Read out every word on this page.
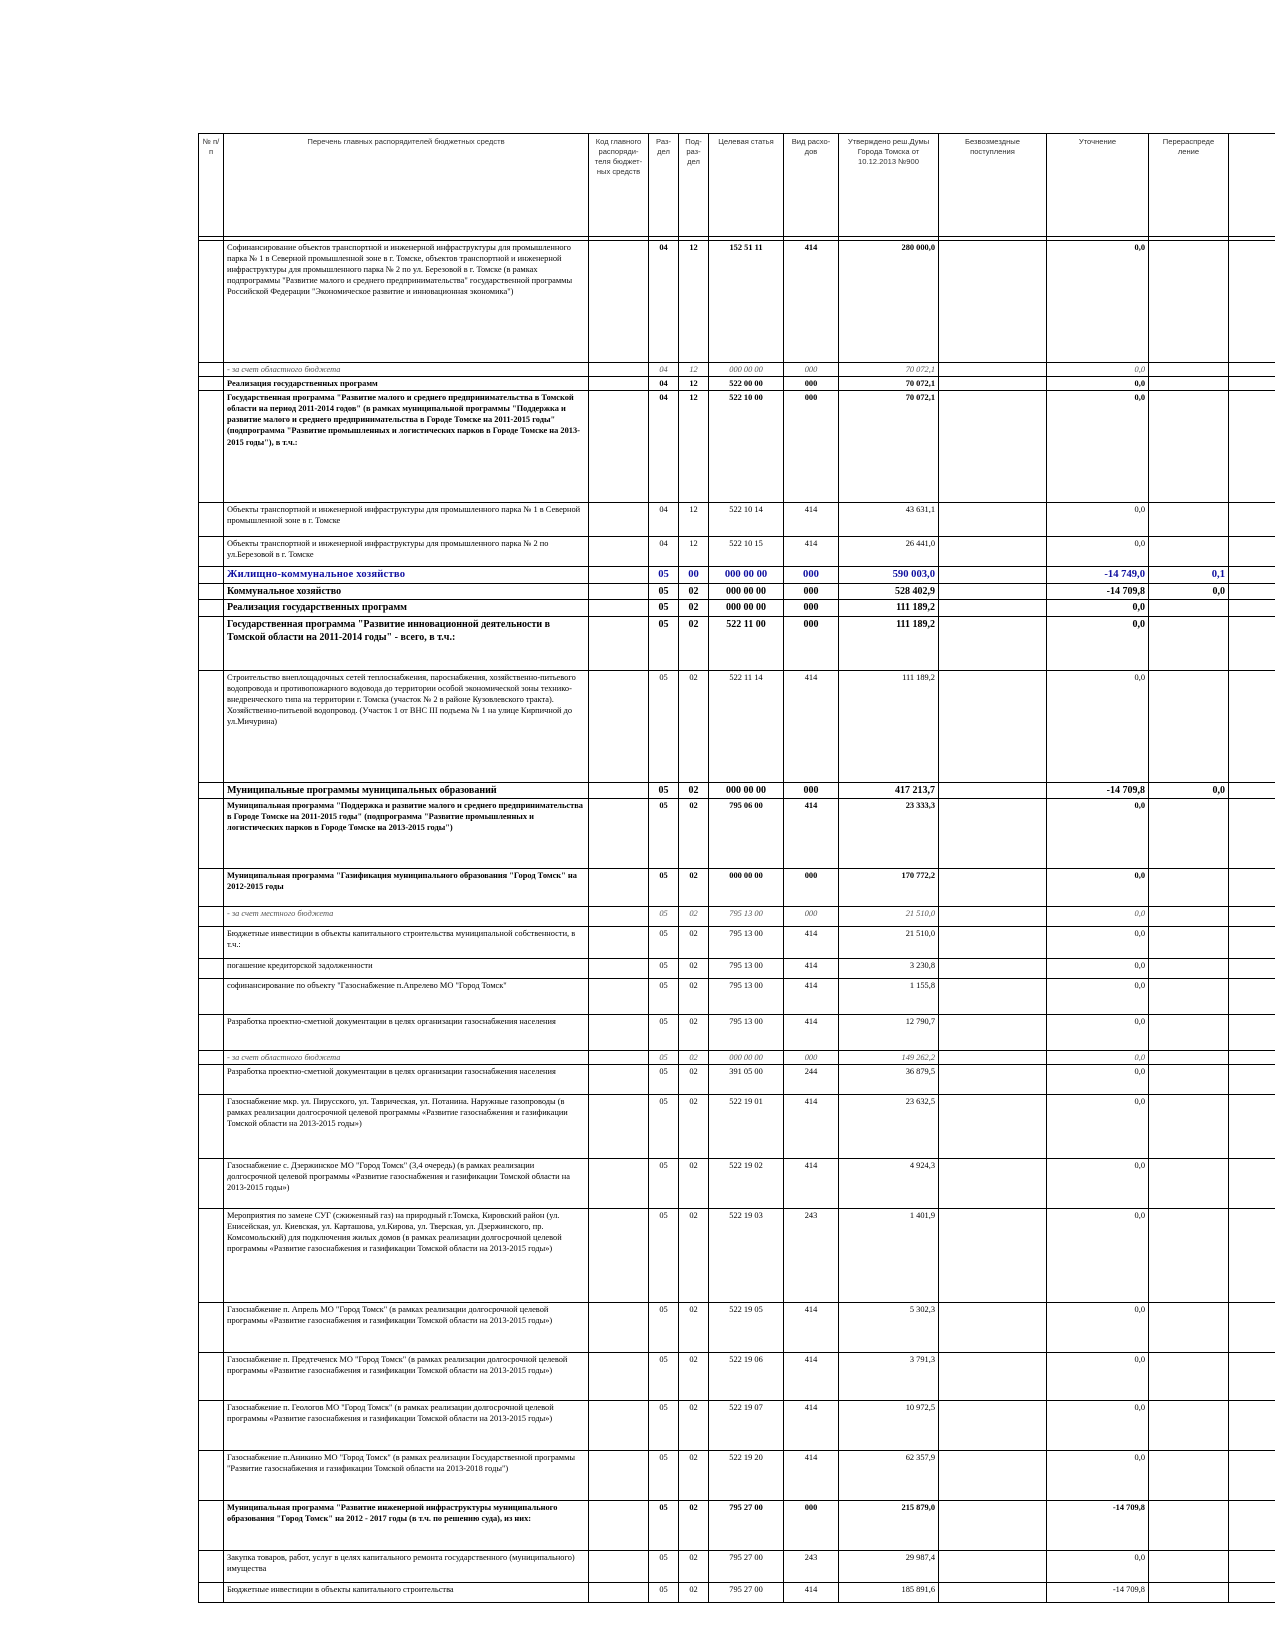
№ п/п	Перечень главных распорядителей бюджетных средств	Код главного распоряди-теля бюджет-ных средств	Раз-дел	Под-раз-дел	Целевая статья	Вид расхо-дов	Утверждено реш.Думы Города Томска от 10.12.2013 №900	Безвозмездные поступления	Уточнение	Перераспреде ление	

	Софинансирование объектов транспортной и инженерной инфраструктуры для промышленного парка № 1 в Северной промышленной зоне в г. Томске, объектов транспортной и инженерной инфраструктуры для промышленного парка № 2 по ул. Березовой в г. Томске (в рамках подпрограммы "Развитие малого и среднего предпринимательства" государственной программы Российской Федерации "Экономическое развитие и инновационная экономика")		04	12	152 51 11	414	280 000,0		0,0		
	- за счет областного бюджета		04	12	000 00 00	000	70 072,1		0,0		
	Реализация государственных программ		04	12	522 00 00	000	70 072,1		0,0		
	Государственная программа "Развитие малого и среднего предпринимательства в Томской области на период 2011-2014 годов" (в рамках муниципальной программы "Поддержка и развитие малого и среднего предпринимательства в Городе Томске на 2011-2015 годы" (подпрограмма "Развитие промышленных и логистических парков в Городе Томске на 2013-2015 годы"), в т.ч.:		04	12	522 10 00	000	70 072,1		0,0		
	Объекты транспортной и инженерной инфраструктуры для промышленного парка № 1 в Северной промышленной зоне в г. Томске		04	12	522 10 14	414	43 631,1		0,0		
	Объекты транспортной и инженерной инфраструктуры для промышленного парка № 2 по ул.Березовой в г. Томске		04	12	522 10 15	414	26 441,0		0,0		
	Жилищно-коммунальное хозяйство		05	00	000 00 00	000	590 003,0		-14 749,0	0,1	
	Коммунальное хозяйство		05	02	000 00 00	000	528 402,9		-14 709,8	0,0	
	Реализация государственных программ		05	02	000 00 00	000	111 189,2		0,0		
	Государственная программа "Развитие инновационной деятельности в Томской области на 2011-2014 годы" - всего, в т.ч.:		05	02	522 11 00	000	111 189,2		0,0		
	Строительство внеплощадочных сетей теплоснабжения, пароснабжения, хозяйственно-питьевого водопровода и противопожарного водовода до территории особой экономической зоны технико-внедренческого типа на территории г. Томска (участок № 2 в районе Кузовлевского тракта). Хозяйственно-питьевой водопровод. (Участок 1 от ВНС III подъема № 1 на улице Кирпичной до ул.Мичурина)		05	02	522 11 14	414	111 189,2		0,0		
	Муниципальные программы муниципальных образований		05	02	000 00 00	000	417 213,7		-14 709,8	0,0	
	Муниципальная программа "Поддержка и развитие малого и среднего предпринимательства в Городе Томске на 2011-2015 годы" (подпрограмма "Развитие промышленных и логистических парков в Городе Томске на 2013-2015 годы")		05	02	795 06 00	414	23 333,3		0,0		
	Муниципальная программа "Газификация муниципального образования "Город Томск" на 2012-2015 годы		05	02	000 00 00	000	170 772,2		0,0		
	- за счет местного бюджета		05	02	795 13 00	000	21 510,0		0,0		
	Бюджетные инвестиции в объекты капитального строительства муниципальной собственности, в т.ч.:		05	02	795 13 00	414	21 510,0		0,0		
	погашение кредиторской задолженности		05	02	795 13 00	414	3 230,8		0,0		
	софинансирование по объекту "Газоснабжение п.Апрелево МО "Город Томск"		05	02	795 13 00	414	1 155,8		0,0		
	Разработка проектно-сметной документации в целях организации газоснабжения населения		05	02	795 13 00	414	12 790,7		0,0		
	- за счет областного бюджета		05	02	000 00 00	000	149 262,2		0,0		
	Разработка проектно-сметной документации в целях организации газоснабжения населения		05	02	391 05 00	244	36 879,5		0,0		
	Газоснабжение мкр. ул. Пирусского, ул. Таврическая, ул. Потанина. Наружные газопроводы (в рамках реализации долгосрочной целевой программы «Развитие газоснабжения и газификации Томской области на 2013-2015 годы»)		05	02	522 19 01	414	23 632,5		0,0		
	Газоснабжение с. Дзержинское МО "Город Томск" (3,4 очередь) (в рамках реализации долгосрочной целевой программы «Развитие газоснабжения и газификации Томской области на 2013-2015 годы»)		05	02	522 19 02	414	4 924,3		0,0		
	Мероприятия по замене СУГ (сжиженный газ) на природный г.Томска, Кировский район (ул. Енисейская, ул. Киевская, ул. Карташова, ул.Кирова, ул. Тверская, ул. Дзержинского, пр. Комсомольский) для подключения жилых домов (в рамках реализации долгосрочной целевой программы «Развитие газоснабжения и газификации Томской области на 2013-2015 годы»)		05	02	522 19 03	243	1 401,9		0,0		
	Газоснабжение п. Апрель МО "Город Томск" (в рамках реализации долгосрочной целевой программы «Развитие газоснабжения и газификации Томской области на 2013-2015 годы»)		05	02	522 19 05	414	5 302,3		0,0		
	Газоснабжение п. Предтеченск МО "Город Томск" (в рамках реализации долгосрочной целевой программы «Развитие газоснабжения и газификации Томской области на 2013-2015 годы»)		05	02	522 19 06	414	3 791,3		0,0		
	Газоснабжение п. Геологов МО "Город Томск" (в рамках реализации долгосрочной целевой программы «Развитие газоснабжения и газификации Томской области на 2013-2015 годы»)		05	02	522 19 07	414	10 972,5		0,0		
	Газоснабжение п.Аникино МО "Город Томск" (в рамках реализации Государственной программы "Развитие газоснабжения и газификации Томской области на 2013-2018 годы")		05	02	522 19 20	414	62 357,9		0,0		
	Муниципальная программа "Развитие инженерной инфраструктуры муниципального образования "Город Томск" на 2012 - 2017 годы (в т.ч. по решению суда), из них:		05	02	795 27 00	000	215 879,0		-14 709,8		
	Закупка товаров, работ, услуг в целях капитального ремонта государственного (муниципального) имущества		05	02	795 27 00	243	29 987,4		0,0		
	Бюджетные инвестиции в объекты капитального строительства		05	02	795 27 00	414	185 891,6		-14 709,8		
